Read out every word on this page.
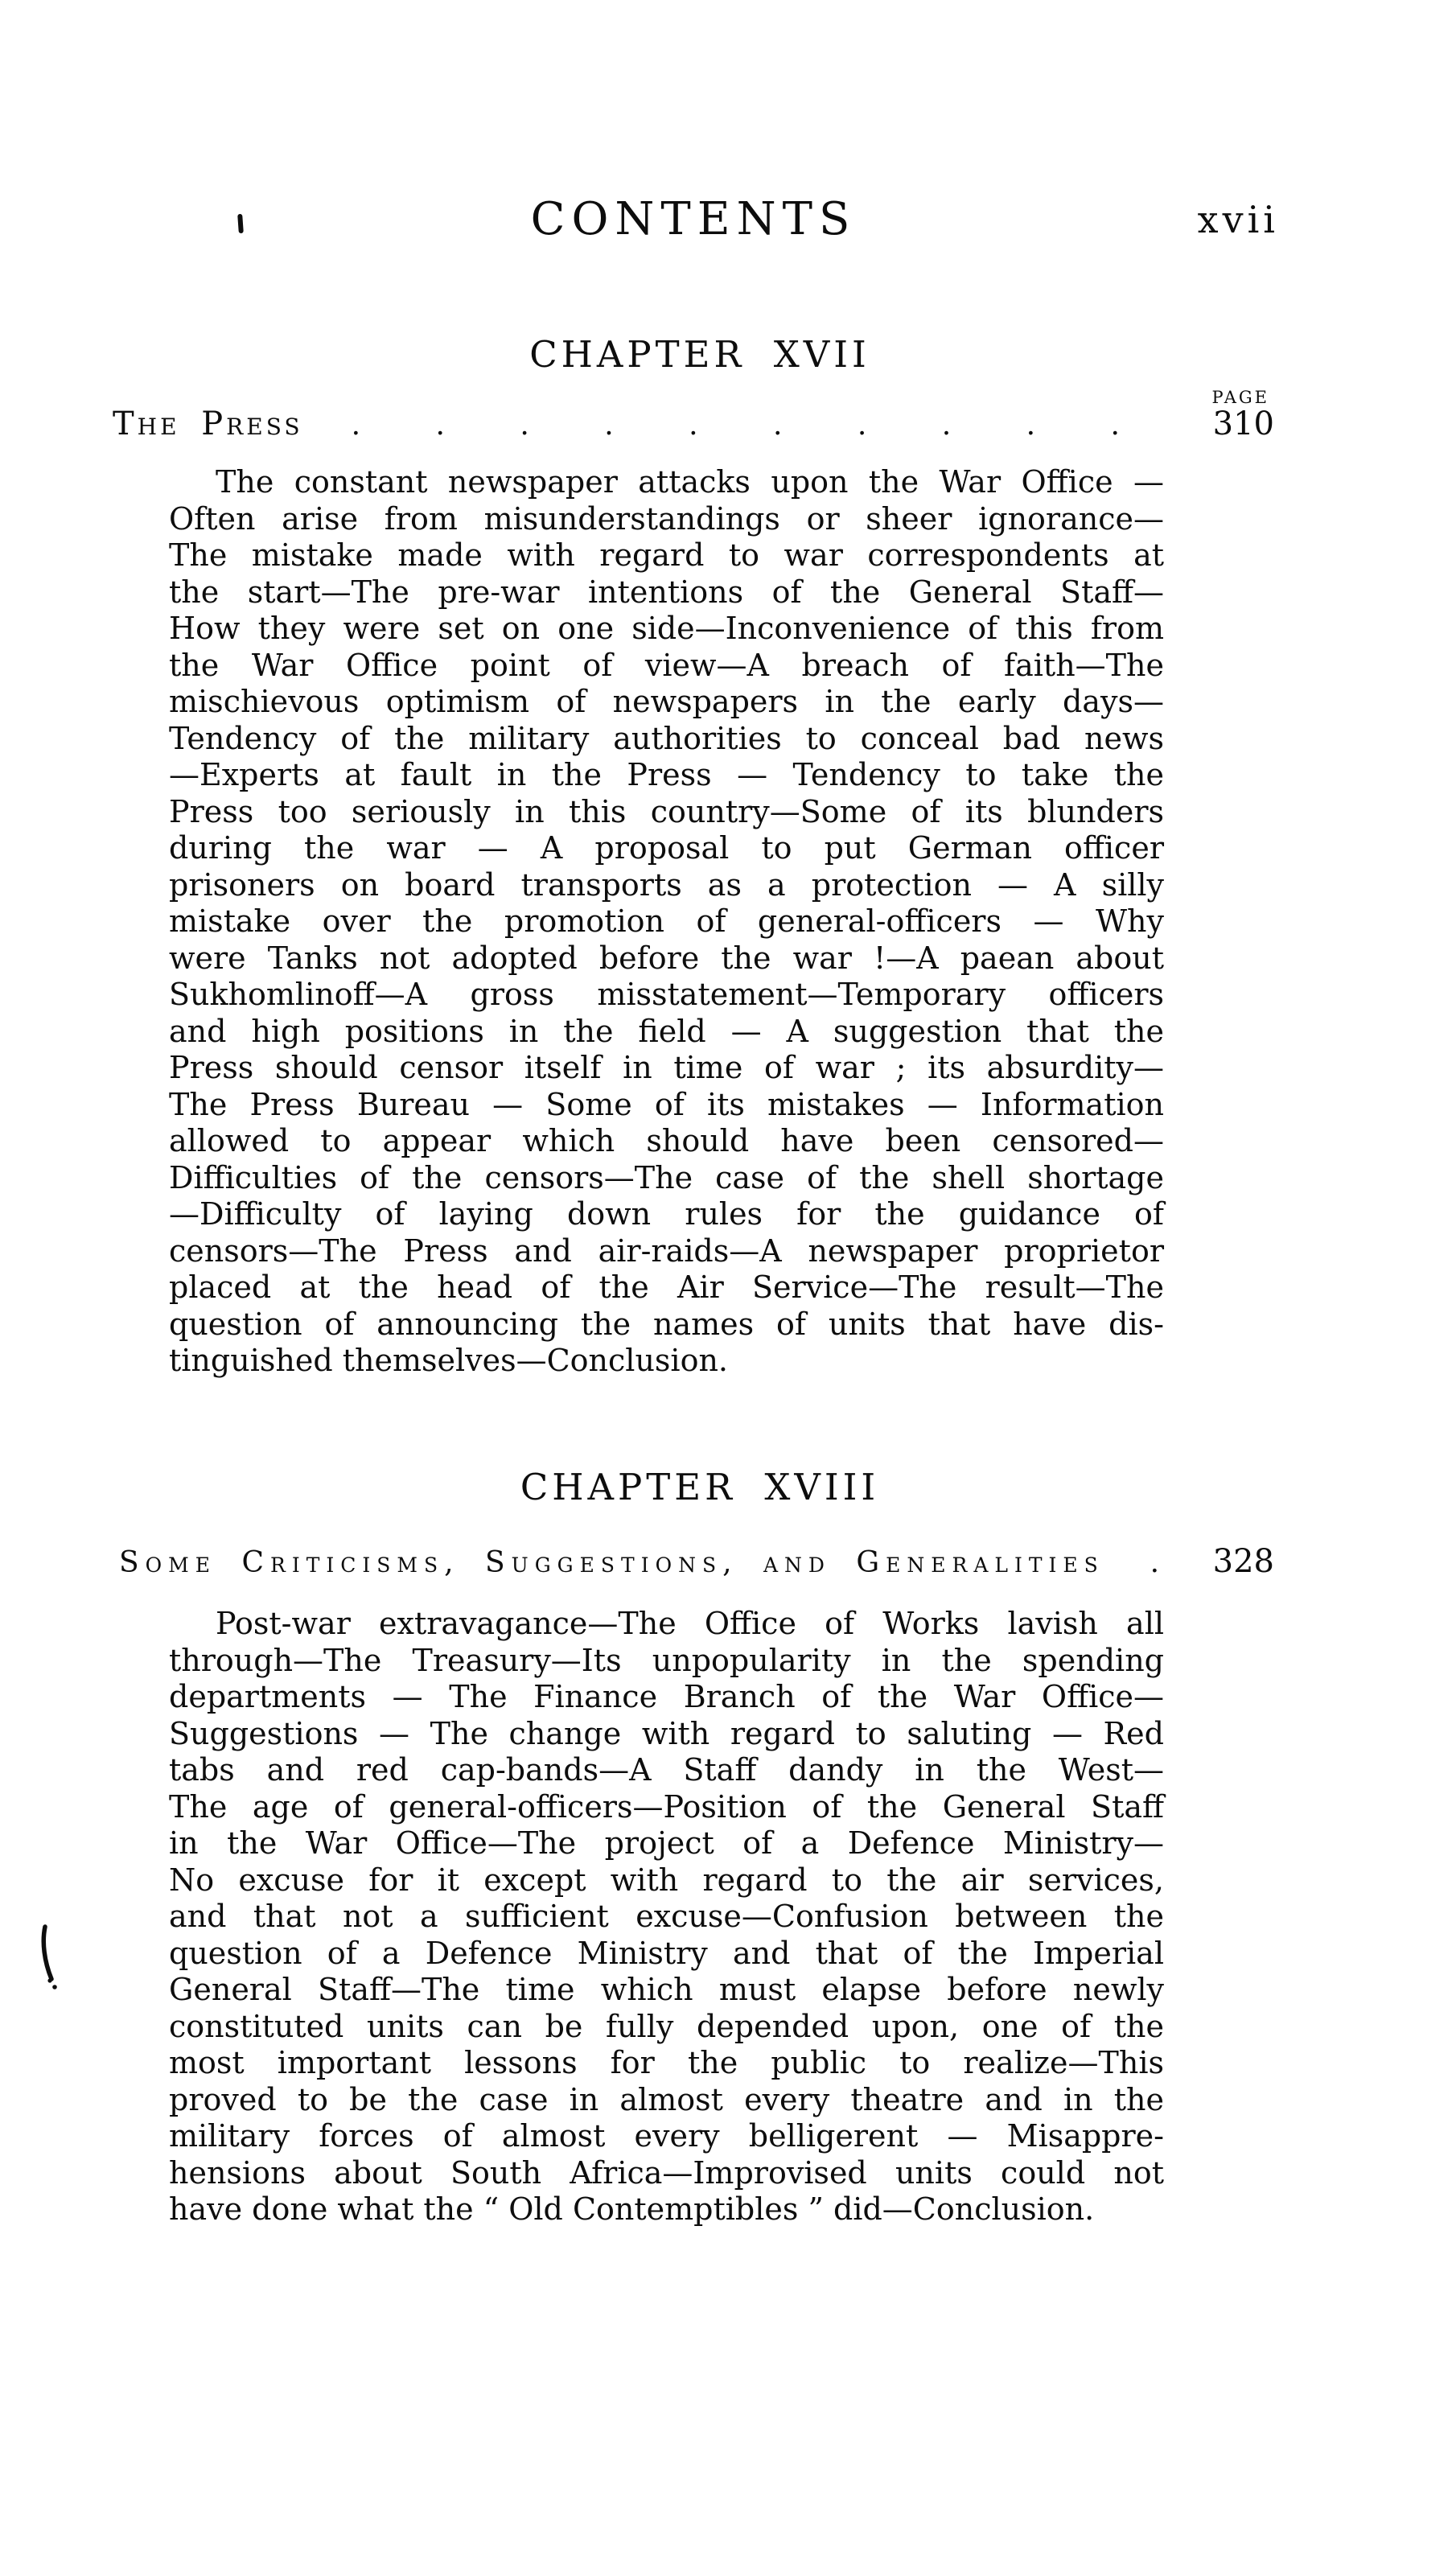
CONTENTS	xvii
CHAPTER XVII
PAGE
The Press	. . . . . . . . . .	310
The constant newspaper attacks upon the War Office —
Often arise from misunderstandings or sheer ignorance—
The mistake made with regard to war correspondents at
the start—The pre-war intentions of the General Staff—
How they were set on one side—Inconvenience of this from
the War Office point of view—A breach of faith—The
mischievous optimism of newspapers in the early days—
Tendency of the military authorities to conceal bad news
—Experts at fault in the Press — Tendency to take the
Press too seriously in this country—Some of its blunders
during the war — A proposal to put German officer
prisoners on board transports as a protection — A silly
mistake over the promotion of general-officers — Why
were Tanks not adopted before the war !—A paean about
Sukhomlinoff—A gross misstatement—Temporary officers
and high positions in the field — A suggestion that the
Press should censor itself in time of war ; its absurdity—
The Press Bureau — Some of its mistakes — Information
allowed to appear which should have been censored—
Difficulties of the censors—The case of the shell shortage
—Difficulty of laying down rules for the guidance of
censors—The Press and air-raids—A newspaper proprietor
placed at the head of the Air Service—The result—The
question of announcing the names of units that have dis-
tinguished themselves—Conclusion.
CHAPTER XVIII
Some Criticisms, Suggestions, and Generalities	.	328
Post-war extravagance—The Office of Works lavish all
through—The Treasury—Its unpopularity in the spending
departments — The Finance Branch of the War Office—
Suggestions — The change with regard to saluting — Red
tabs and red cap-bands—A Staff dandy in the West—
The age of general-officers—Position of the General Staff
in the War Office—The project of a Defence Ministry—
No excuse for it except with regard to the air services,
and that not a sufficient excuse—Confusion between the
question of a Defence Ministry and that of the Imperial
General Staff—The time which must elapse before newly
constituted units can be fully depended upon, one of the
most important lessons for the public to realize—This
proved to be the case in almost every theatre and in the
military forces of almost every belligerent — Misappre-
hensions about South Africa—Improvised units could not
have done what the “ Old Contemptibles ” did—Conclusion.
